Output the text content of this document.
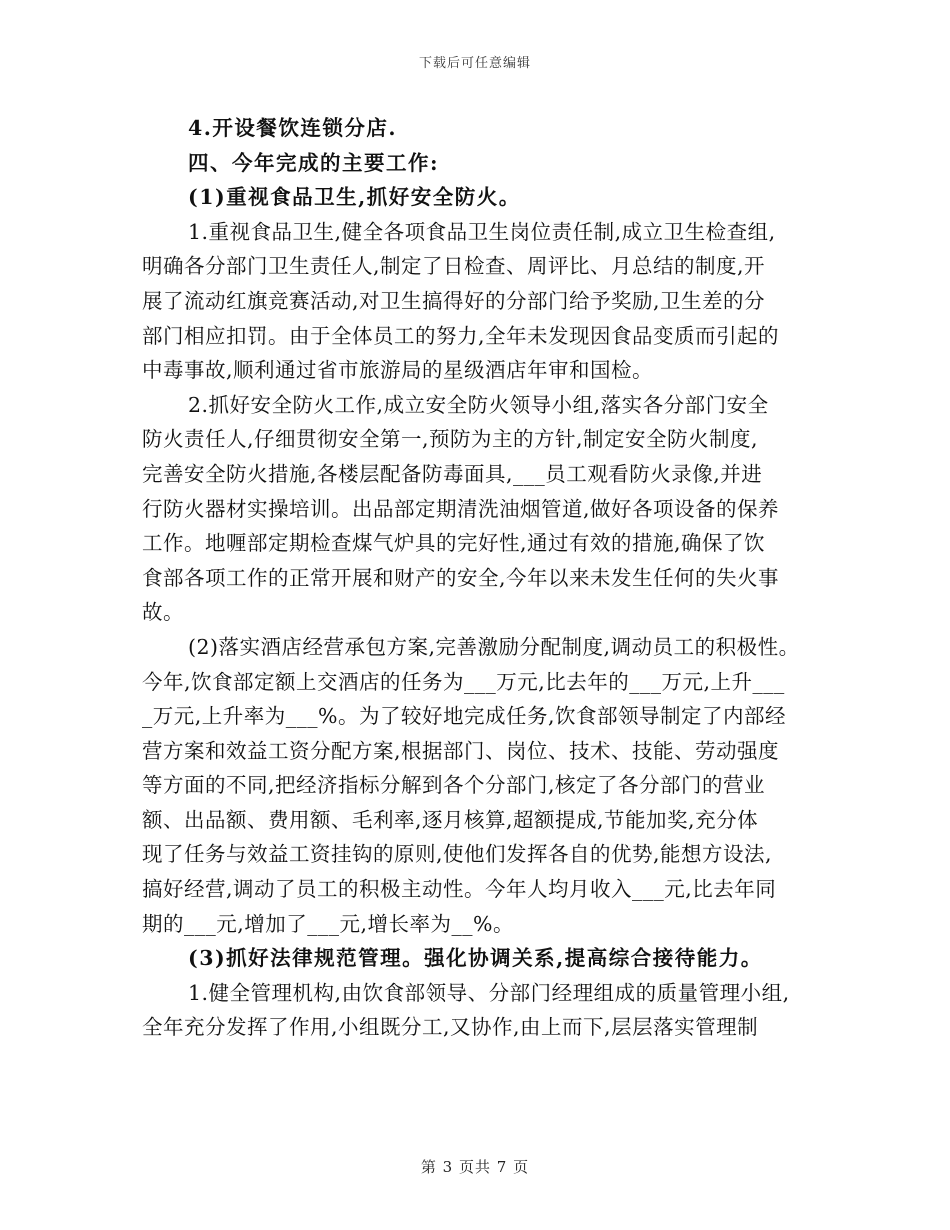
下载后可任意编辑
4.开设餐饮连锁分店.
四、今年完成的主要工作:
(1)重视食品卫生,抓好安全防火。
1.重视食品卫生,健全各项食品卫生岗位责任制,成立卫生检查组,
明确各分部门卫生责任人,制定了日检查、周评比、月总结的制度,开
展了流动红旗竞赛活动,对卫生搞得好的分部门给予奖励,卫生差的分
部门相应扣罚。由于全体员工的努力,全年未发现因食品变质而引起的
中毒事故,顺利通过省市旅游局的星级酒店年审和国检。
2.抓好安全防火工作,成立安全防火领导小组,落实各分部门安全
防火责任人,仔细贯彻安全第一,预防为主的方针,制定安全防火制度,
完善安全防火措施,各楼层配备防毒面具,___员工观看防火录像,并进
行防火器材实操培训。出品部定期清洗油烟管道,做好各项设备的保养
工作。地喱部定期检查煤气炉具的完好性,通过有效的措施,确保了饮
食部各项工作的正常开展和财产的安全,今年以来未发生任何的失火事
故。
(2)落实酒店经营承包方案,完善激励分配制度,调动员工的积极性。
今年,饮食部定额上交酒店的任务为___万元,比去年的___万元,上升___
_万元,上升率为___%。为了较好地完成任务,饮食部领导制定了内部经
营方案和效益工资分配方案,根据部门、岗位、技术、技能、劳动强度
等方面的不同,把经济指标分解到各个分部门,核定了各分部门的营业
额、出品额、费用额、毛利率,逐月核算,超额提成,节能加奖,充分体
现了任务与效益工资挂钩的原则,使他们发挥各自的优势,能想方设法,
搞好经营,调动了员工的积极主动性。今年人均月收入___元,比去年同
期的___元,增加了___元,增长率为__%。
(3)抓好法律规范管理。强化协调关系,提高综合接待能力。
1.健全管理机构,由饮食部领导、分部门经理组成的质量管理小组,
全年充分发挥了作用,小组既分工,又协作,由上而下,层层落实管理制
第 3 页共 7 页
